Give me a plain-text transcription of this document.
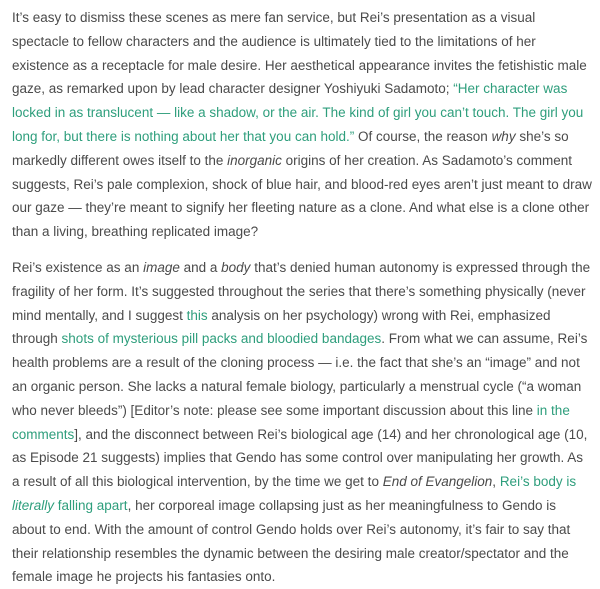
It’s easy to dismiss these scenes as mere fan service, but Rei’s presentation as a visual spectacle to fellow characters and the audience is ultimately tied to the limitations of her existence as a receptacle for male desire. Her aesthetical appearance invites the fetishistic male gaze, as remarked upon by lead character designer Yoshiyuki Sadamoto; “Her character was locked in as translucent — like a shadow, or the air. The kind of girl you can’t touch. The girl you long for, but there is nothing about her that you can hold.” Of course, the reason why she’s so markedly different owes itself to the inorganic origins of her creation. As Sadamoto’s comment suggests, Rei’s pale complexion, shock of blue hair, and blood-red eyes aren’t just meant to draw our gaze — they’re meant to signify her fleeting nature as a clone. And what else is a clone other than a living, breathing replicated image?

Rei’s existence as an image and a body that’s denied human autonomy is expressed through the fragility of her form. It’s suggested throughout the series that there’s something physically (never mind mentally, and I suggest this analysis on her psychology) wrong with Rei, emphasized through shots of mysterious pill packs and bloodied bandages. From what we can assume, Rei’s health problems are a result of the cloning process — i.e. the fact that she’s an “image” and not an organic person. She lacks a natural female biology, particularly a menstrual cycle (“a woman who never bleeds”) [Editor’s note: please see some important discussion about this line in the comments], and the disconnect between Rei’s biological age (14) and her chronological age (10, as Episode 21 suggests) implies that Gendo has some control over manipulating her growth. As a result of all this biological intervention, by the time we get to End of Evangelion, Rei’s body is literally falling apart, her corporeal image collapsing just as her meaningfulness to Gendo is about to end. With the amount of control Gendo holds over Rei’s autonomy, it’s fair to say that their relationship resembles the dynamic between the desiring male creator/spectator and the female image he projects his fantasies onto.
